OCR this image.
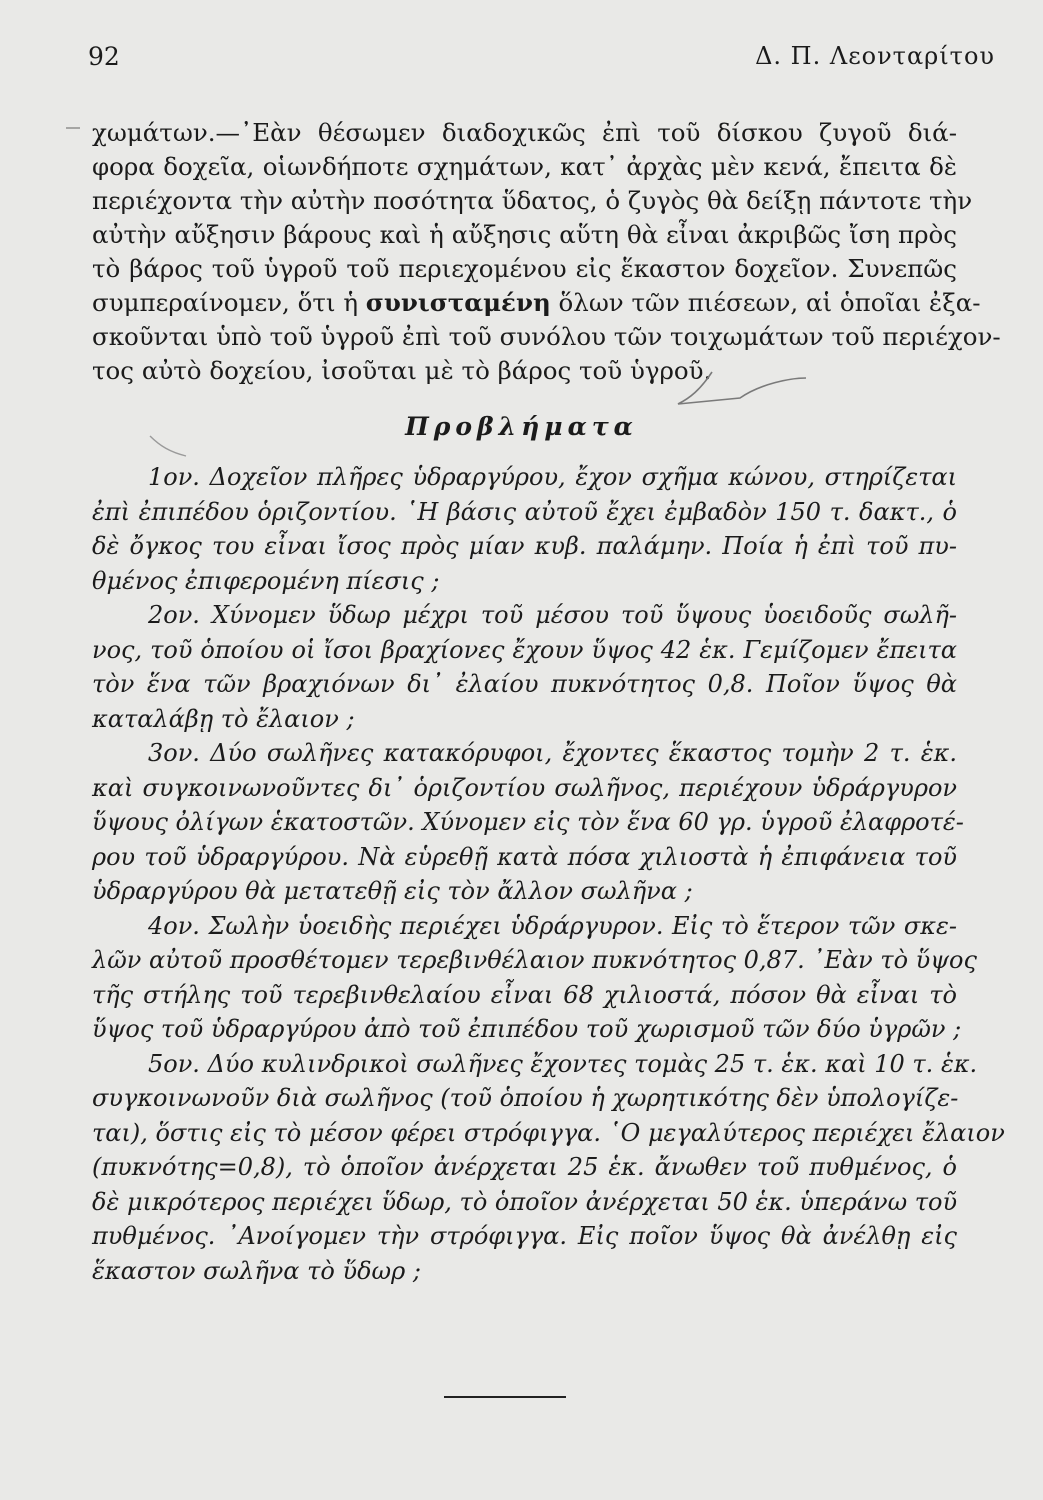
92	Δ. Π. Λεονταρίτου
χωμάτων.—᾿Εὰν θέσωμεν διαδοχικῶς ἐπὶ τοῦ δίσκου ζυγοῦ διά-
φορα δοχεῖα, οἱωνδήποτε σχημάτων, κατ᾿ ἀρχὰς μὲν κενά, ἔπειτα δὲ
περιέχοντα τὴν αὐτὴν ποσότητα ὕδατος, ὁ ζυγὸς θὰ δείξῃ πάντοτε τὴν
αὐτὴν αὔξησιν βάρους καὶ ἡ αὔξησις αὕτη θὰ εἶναι ἀκριβῶς ἴση πρὸς
τὸ βάρος τοῦ ὑγροῦ τοῦ περιεχομένου εἰς ἕκαστον δοχεῖον. Συνεπῶς
συμπεραίνομεν, ὅτι ἡ συνισταμένη ὅλων τῶν πιέσεων, αἱ ὁποῖαι ἐξα-
σκοῦνται ὑπὸ τοῦ ὑγροῦ ἐπὶ τοῦ συνόλου τῶν τοιχωμάτων τοῦ περιέχον-
τος αὐτὸ δοχείου, ἰσοῦται μὲ τὸ βάρος τοῦ ὑγροῦ.
Προβλήματα
1ον. Δοχεῖον πλῆρες ὑδραργύρου, ἔχον σχῆμα κώνου, στηρίζεται
ἐπὶ ἐπιπέδου ὁριζοντίου. ῾Η βάσις αὐτοῦ ἔχει ἐμβαδὸν 150 τ. δακτ., ὁ
δὲ ὄγκος του εἶναι ἴσος πρὸς μίαν κυβ. παλάμην. Ποία ἡ ἐπὶ τοῦ πυ-
θμένος ἐπιφερομένη πίεσις ;
2ον. Χύνομεν ὕδωρ μέχρι τοῦ μέσου τοῦ ὕψους ὑοειδοῦς σωλῆ-
νος, τοῦ ὁποίου οἱ ἴσοι βραχίονες ἔχουν ὕψος 42 ἑκ. Γεμίζομεν ἔπειτα
τὸν ἕνα τῶν βραχιόνων δι᾿ ἐλαίου πυκνότητος 0,8. Ποῖον ὕψος θὰ
καταλάβῃ τὸ ἔλαιον ;
3ον. Δύο σωλῆνες κατακόρυφοι, ἔχοντες ἕκαστος τομὴν 2 τ. ἑκ.
καὶ συγκοινωνοῦντες δι᾿ ὁριζοντίου σωλῆνος, περιέχουν ὑδράργυρον
ὕψους ὀλίγων ἑκατοστῶν. Χύνομεν εἰς τὸν ἕνα 60 γρ. ὑγροῦ ἐλαφροτέ-
ρου τοῦ ὑδραργύρου. Νὰ εὑρεθῇ κατὰ πόσα χιλιοστὰ ἡ ἐπιφάνεια τοῦ
ὑδραργύρου θὰ μετατεθῇ εἰς τὸν ἄλλον σωλῆνα ;
4ον. Σωλὴν ὑοειδὴς περιέχει ὑδράργυρον. Εἰς τὸ ἕτερον τῶν σκε-
λῶν αὐτοῦ προσθέτομεν τερεβινθέλαιον πυκνότητος 0,87. ᾿Εὰν τὸ ὕψος
τῆς στήλης τοῦ τερεβινθελαίου εἶναι 68 χιλιοστά, πόσον θὰ εἶναι τὸ
ὕψος τοῦ ὑδραργύρου ἀπὸ τοῦ ἐπιπέδου τοῦ χωρισμοῦ τῶν δύο ὑγρῶν ;
5ον. Δύο κυλινδρικοὶ σωλῆνες ἔχοντες τομὰς 25 τ. ἑκ. καὶ 10 τ. ἑκ.
συγκοινωνοῦν διὰ σωλῆνος (τοῦ ὁποίου ἡ χωρητικότης δὲν ὑπολογίζε-
ται), ὅστις εἰς τὸ μέσον φέρει στρόφιγγα. ῾Ο μεγαλύτερος περιέχει ἔλαιον
(πυκνότης=0,8), τὸ ὁποῖον ἀνέρχεται 25 ἑκ. ἄνωθεν τοῦ πυθμένος, ὁ
δὲ μικρότερος περιέχει ὕδωρ, τὸ ὁποῖον ἀνέρχεται 50 ἑκ. ὑπεράνω τοῦ
πυθμένος. ᾿Ανοίγομεν τὴν στρόφιγγα. Εἰς ποῖον ὕψος θὰ ἀνέλθῃ εἰς
ἕκαστον σωλῆνα τὸ ὕδωρ ;
